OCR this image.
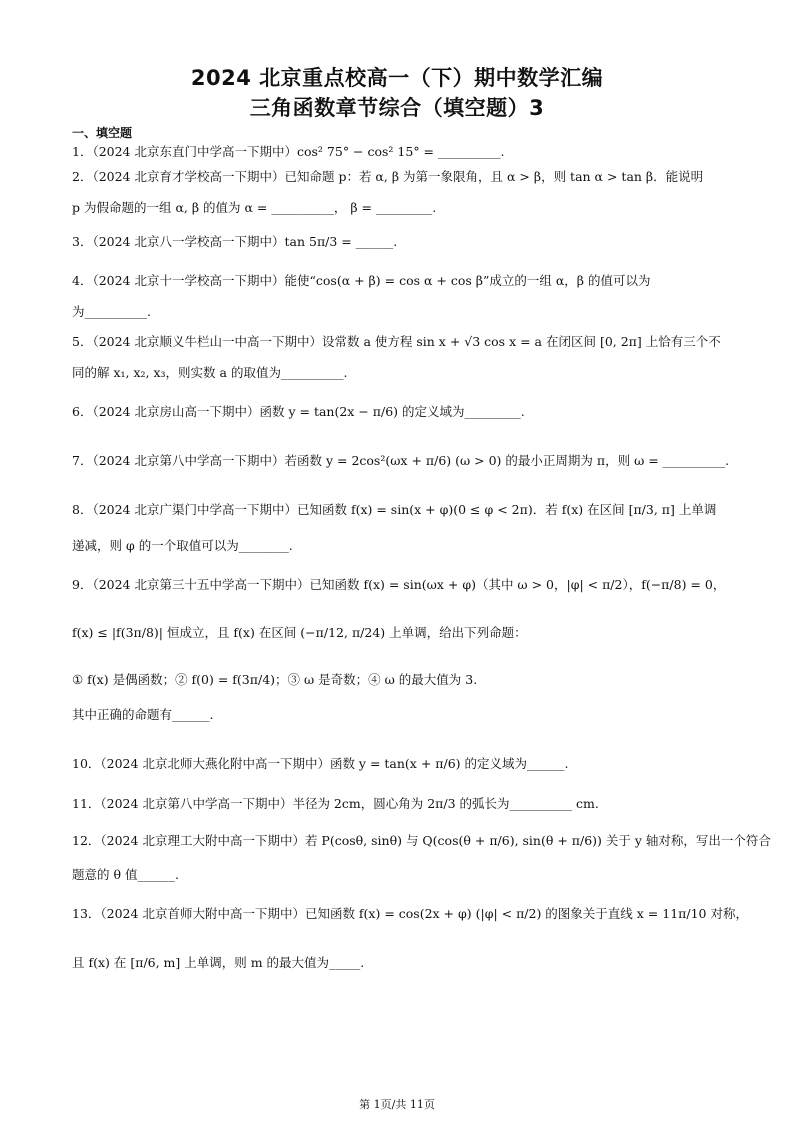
2024 北京重点校高一（下）期中数学汇编
三角函数章节综合（填空题）3
一、填空题
1．（2024 北京东直门中学高一下期中）cos² 75° − cos² 15° = __________.
2．（2024 北京育才学校高一下期中）已知命题 p：若 α, β 为第一象限角，且 α > β，则 tan α > tan β．能说明
p 为假命题的一组 α, β 的值为 α = __________， β = _________.
3．（2024 北京八一学校高一下期中）tan 5π/3 = ______.
4．（2024 北京十一学校高一下期中）能使“cos(α + β) = cos α + cos β”成立的一组 α，β 的值可以为
为__________.
5．（2024 北京顺义牛栏山一中高一下期中）设常数 a 使方程 sin x + √3 cos x = a 在闭区间 [0, 2π] 上恰有三个不
同的解 x₁, x₂, x₃，则实数 a 的取值为__________.
6．（2024 北京房山高一下期中）函数 y = tan(2x − π/6) 的定义域为_________.
7．（2024 北京第八中学高一下期中）若函数 y = 2cos²(ωx + π/6) (ω > 0) 的最小正周期为 π，则 ω = __________.
8．（2024 北京广渠门中学高一下期中）已知函数 f(x) = sin(x + φ)(0 ≤ φ < 2π)．若 f(x) 在区间 [π/3, π] 上单调
递减，则 φ 的一个取值可以为________.
9．（2024 北京第三十五中学高一下期中）已知函数 f(x) = sin(ωx + φ)（其中 ω > 0，|φ| < π/2），f(−π/8) = 0，
f(x) ≤ |f(3π/8)| 恒成立，且 f(x) 在区间 (−π/12, π/24) 上单调，给出下列命题：
① f(x) 是偶函数；② f(0) = f(3π/4)；③ ω 是奇数；④ ω 的最大值为 3.
其中正确的命题有______.
10．（2024 北京北师大燕化附中高一下期中）函数 y = tan(x + π/6) 的定义域为______.
11．（2024 北京第八中学高一下期中）半径为 2cm，圆心角为 2π/3 的弧长为__________ cm.
12．（2024 北京理工大附中高一下期中）若 P(cosθ, sinθ) 与 Q(cos(θ + π/6), sin(θ + π/6)) 关于 y 轴对称，写出一个符合
题意的 θ 值______.
13．（2024 北京首师大附中高一下期中）已知函数 f(x) = cos(2x + φ) (|φ| < π/2) 的图象关于直线 x = 11π/10 对称，
且 f(x) 在 [π/6, m] 上单调，则 m 的最大值为_____.
第 1页/共 11页
